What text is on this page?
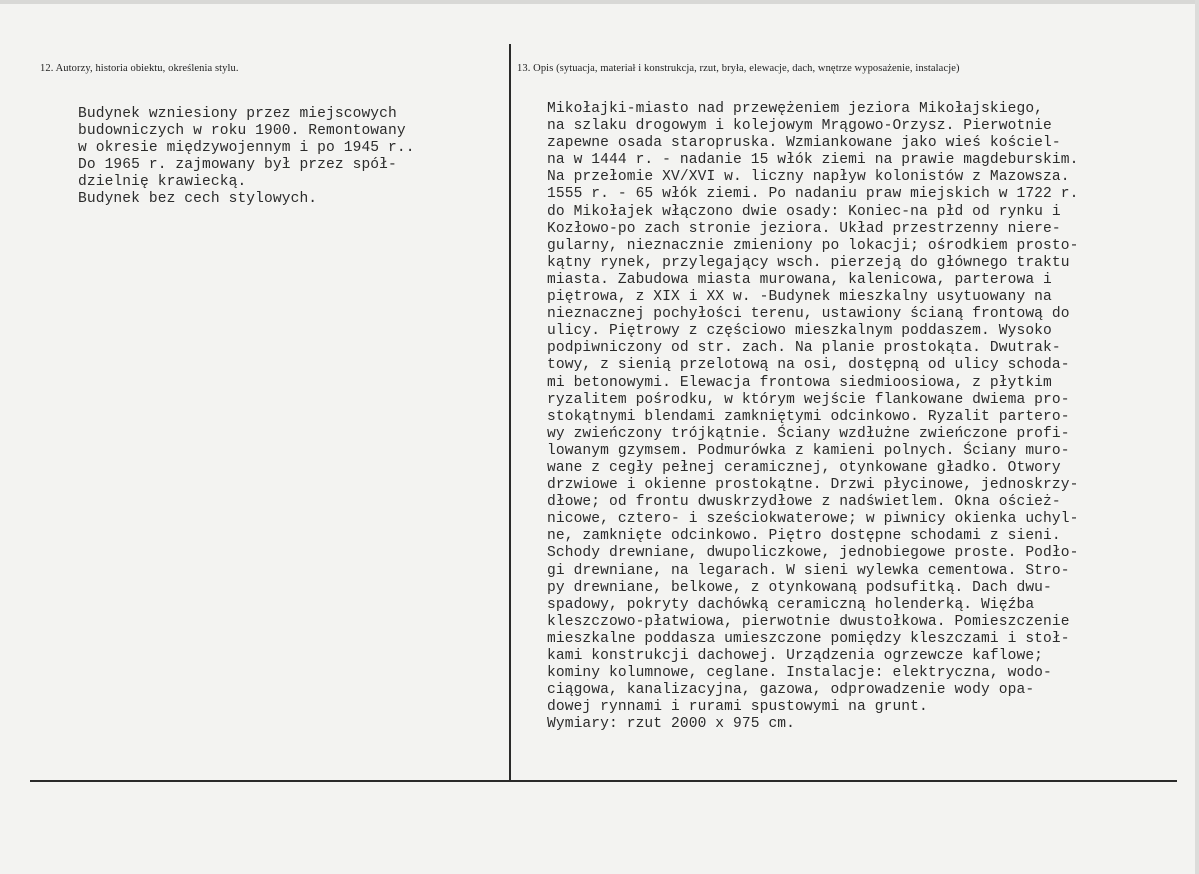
12. Autorzy, historia obiektu, określenia stylu.	13. Opis (sytuacja, materiał i konstrukcja, rzut, bryła, elewacje, dach, wnętrze wyposażenie, instalacje)
Budynek wzniesiony przez miejscowych
budowniczych w roku 1900. Remontowany
w okresie międzywojennym i po 1945 r..
Do 1965 r. zajmowany był przez spół-
dzielnię krawiecką.
Budynek bez cech stylowych.
Mikołajki-miasto nad przewężeniem jeziora Mikołajskiego,
na szlaku drogowym i kolejowym Mrągowo-Orzysz. Pierwotnie
zapewne osada staropruska. Wzmiankowane jako wieś kościel-
na w 1444 r. - nadanie 15 włók ziemi na prawie magdeburskim.
Na przełomie XV/XVI w. liczny napływ kolonistów z Mazowsza.
1555 r. - 65 włók ziemi. Po nadaniu praw miejskich w 1722 r.
do Mikołajek włączono dwie osady: Koniec-na płd od rynku i
Kozłowo-po zach stronie jeziora. Układ przestrzenny niere-
gularny, nieznacznie zmieniony po lokacji; ośrodkiem prosto-
kątny rynek, przylegający wsch. pierzeją do głównego traktu
miasta. Zabudowa miasta murowana, kalenicowa, parterowa i
piętrowa, z XIX i XX w. -Budynek mieszkalny usytuowany na
nieznacznej pochyłości terenu, ustawiony ścianą frontową do
ulicy. Piętrowy z częściowo mieszkalnym poddaszem. Wysoko
podpiwniczony od str. zach. Na planie prostokąta. Dwutrak-
towy, z sienią przelotową na osi, dostępną od ulicy schoda-
mi betonowymi. Elewacja frontowa siedmioosiowa, z płytkim
ryzalitem pośrodku, w którym wejście flankowane dwiema pro-
stokątnymi blendami zamkniętymi odcinkowo. Ryzalit partero-
wy zwieńczony trójkątnie. Ściany wzdłużne zwieńczone profi-
lowanym gzymsem. Podmurówka z kamieni polnych. Ściany muro-
wane z cegły pełnej ceramicznej, otynkowane gładko. Otwory
drzwiowe i okienne prostokątne. Drzwi płycinowe, jednoskrzy-
dłowe; od frontu dwuskrzydłowe z nadświetlem. Okna oścież-
nicowe, cztero- i sześciokwaterowe; w piwnicy okienka uchyl-
ne, zamknięte odcinkowo. Piętro dostępne schodami z sieni.
Schody drewniane, dwupoliczkowe, jednobiegowe proste. Podło-
gi drewniane, na legarach. W sieni wylewka cementowa. Stro-
py drewniane, belkowe, z otynkowaną podsufitką. Dach dwu-
spadowy, pokryty dachówką ceramiczną holenderką. Więźba
kleszczowo-płatwiowa, pierwotnie dwustołkowa. Pomieszczenie
mieszkalne poddasza umieszczone pomiędzy kleszczami i stoł-
kami konstrukcji dachowej. Urządzenia ogrzewcze kaflowe;
kominy kolumnowe, ceglane. Instalacje: elektryczna, wodo-
ciągowa, kanalizacyjna, gazowa, odprowadzenie wody opa-
dowej rynnami i rurami spustowymi na grunt.
Wymiary: rzut 2000 x 975 cm.
